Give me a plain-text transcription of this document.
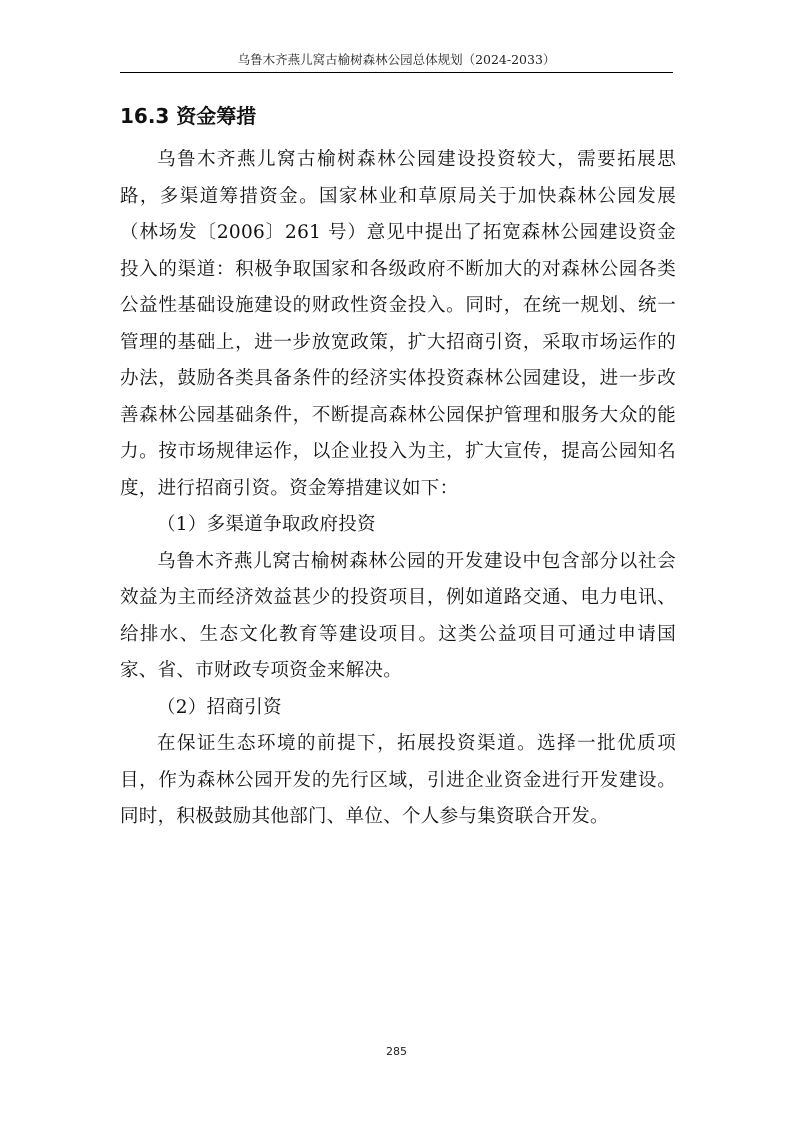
乌鲁木齐燕儿窝古榆树森林公园总体规划（2024-2033）
16.3 资金筹措

乌鲁木齐燕儿窝古榆树森林公园建设投资较大，需要拓展思路，多渠道筹措资金。国家林业和草原局关于加快森林公园发展（林场发〔2006〕261 号）意见中提出了拓宽森林公园建设资金投入的渠道：积极争取国家和各级政府不断加大的对森林公园各类公益性基础设施建设的财政性资金投入。同时，在统一规划、统一管理的基础上，进一步放宽政策，扩大招商引资，采取市场运作的办法，鼓励各类具备条件的经济实体投资森林公园建设，进一步改善森林公园基础条件，不断提高森林公园保护管理和服务大众的能力。按市场规律运作，以企业投入为主，扩大宣传，提高公园知名度，进行招商引资。资金筹措建议如下：

（1）多渠道争取政府投资

乌鲁木齐燕儿窝古榆树森林公园的开发建设中包含部分以社会效益为主而经济效益甚少的投资项目，例如道路交通、电力电讯、给排水、生态文化教育等建设项目。这类公益项目可通过申请国家、省、市财政专项资金来解决。

（2）招商引资

在保证生态环境的前提下，拓展投资渠道。选择一批优质项目，作为森林公园开发的先行区域，引进企业资金进行开发建设。同时，积极鼓励其他部门、单位、个人参与集资联合开发。

285
